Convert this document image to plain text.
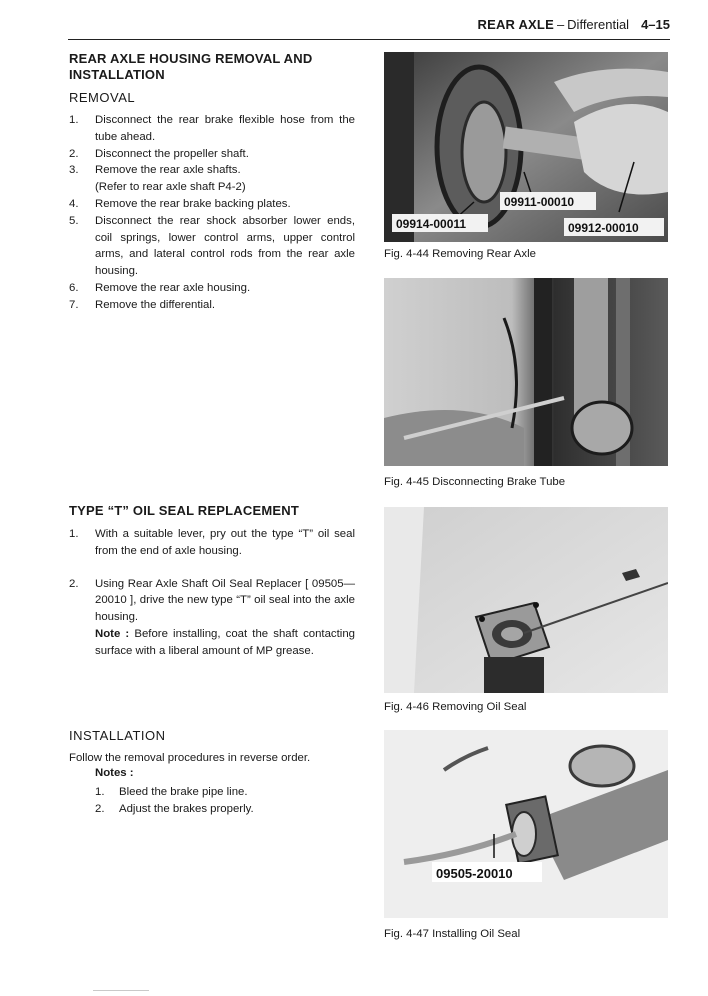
REAR AXLE – Differential 4–15
REAR AXLE HOUSING REMOVAL AND
INSTALLATION
REMOVAL
1. Disconnect the rear brake flexible hose from the tube ahead.
2. Disconnect the propeller shaft.
3. Remove the rear axle shafts.
(Refer to rear axle shaft P4-2)
4. Remove the rear brake backing plates.
5. Disconnect the rear shock absorber lower ends, coil springs, lower control arms, upper control arms, and lateral control rods from the rear axle housing.
6. Remove the rear axle housing.
7. Remove the differential.
TYPE “T” OIL SEAL REPLACEMENT
1. With a suitable lever, pry out the type “T” oil seal from the end of axle housing.
2. Using Rear Axle Shaft Oil Seal Replacer [ 09505—20010 ], drive the new type “T” oil seal into the axle housing.
Note : Before installing, coat the shaft contacting surface with a liberal amount of MP grease.
INSTALLATION
Follow the removal procedures in reverse order.
Notes :
1. Bleed the brake pipe line.
2. Adjust the brakes properly.
09911-00010
09914-00011	09912-00010
Fig. 4-44 Removing Rear Axle
Fig. 4-45 Disconnecting Brake Tube
Fig. 4-46 Removing Oil Seal
09505-20010
Fig. 4-47 Installing Oil Seal
